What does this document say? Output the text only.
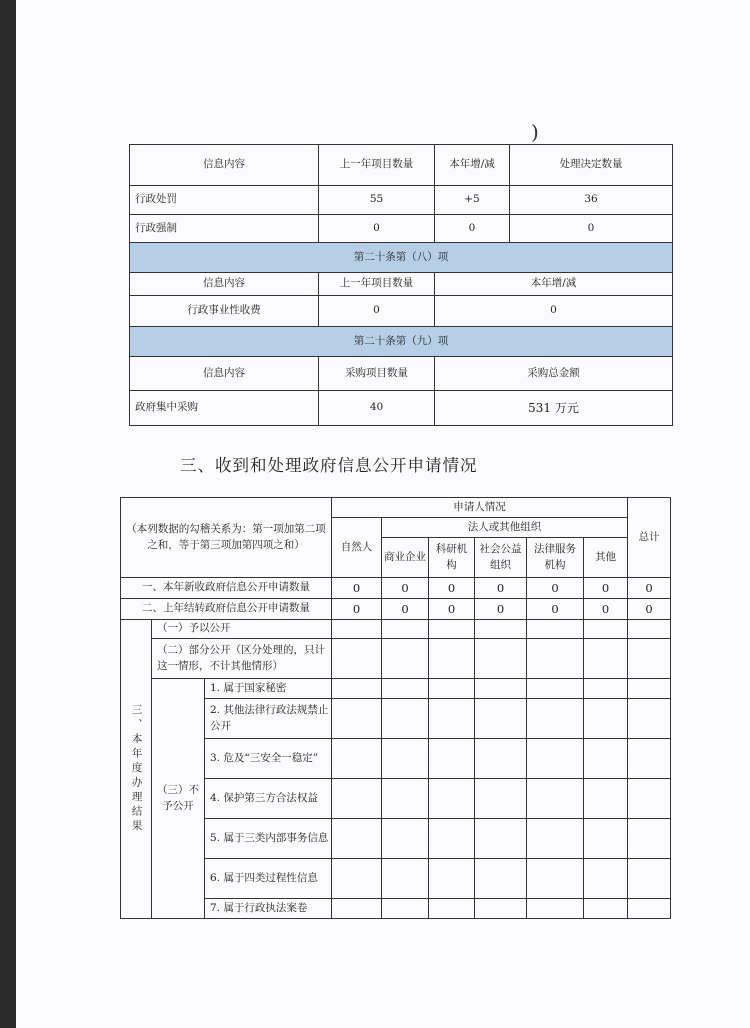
)
信息内容	上一年项目数量	本年增/减	处理决定数量
行政处罚	55	+5	36
行政强制	0	0	0
第二十条第（八）项			
信息内容	上一年项目数量	本年增/减	
行政事业性收费	0	0	
第二十条第（九）项			
信息内容	采购项目数量	采购总金额	
政府集中采购	40	531 万元	
三、收到和处理政府信息公开申请情况
（本列数据的勾稽关系为：第一项加第二项之和，等于第三项加第四项之和）			申请人情况						总计
			自然人	法人或其他组织					
				商业企业	科研机构	社会公益组织	法律服务机构	其他	
一、本年新收政府信息公开申请数量			0	0	0	0	0	0	0
二、上年结转政府信息公开申请数量			0	0	0	0	0	0	0
三、本年度办理结果	（一）予以公开								
	（二）部分公开（区分处理的，只计这一情形，不计其他情形）								
	（三）不予公开	1. 属于国家秘密							
		2. 其他法律行政法规禁止公开							
		3. 危及“三安全一稳定”							
		4. 保护第三方合法权益							
		5. 属于三类内部事务信息							
		6. 属于四类过程性信息							
		7. 属于行政执法案卷							
